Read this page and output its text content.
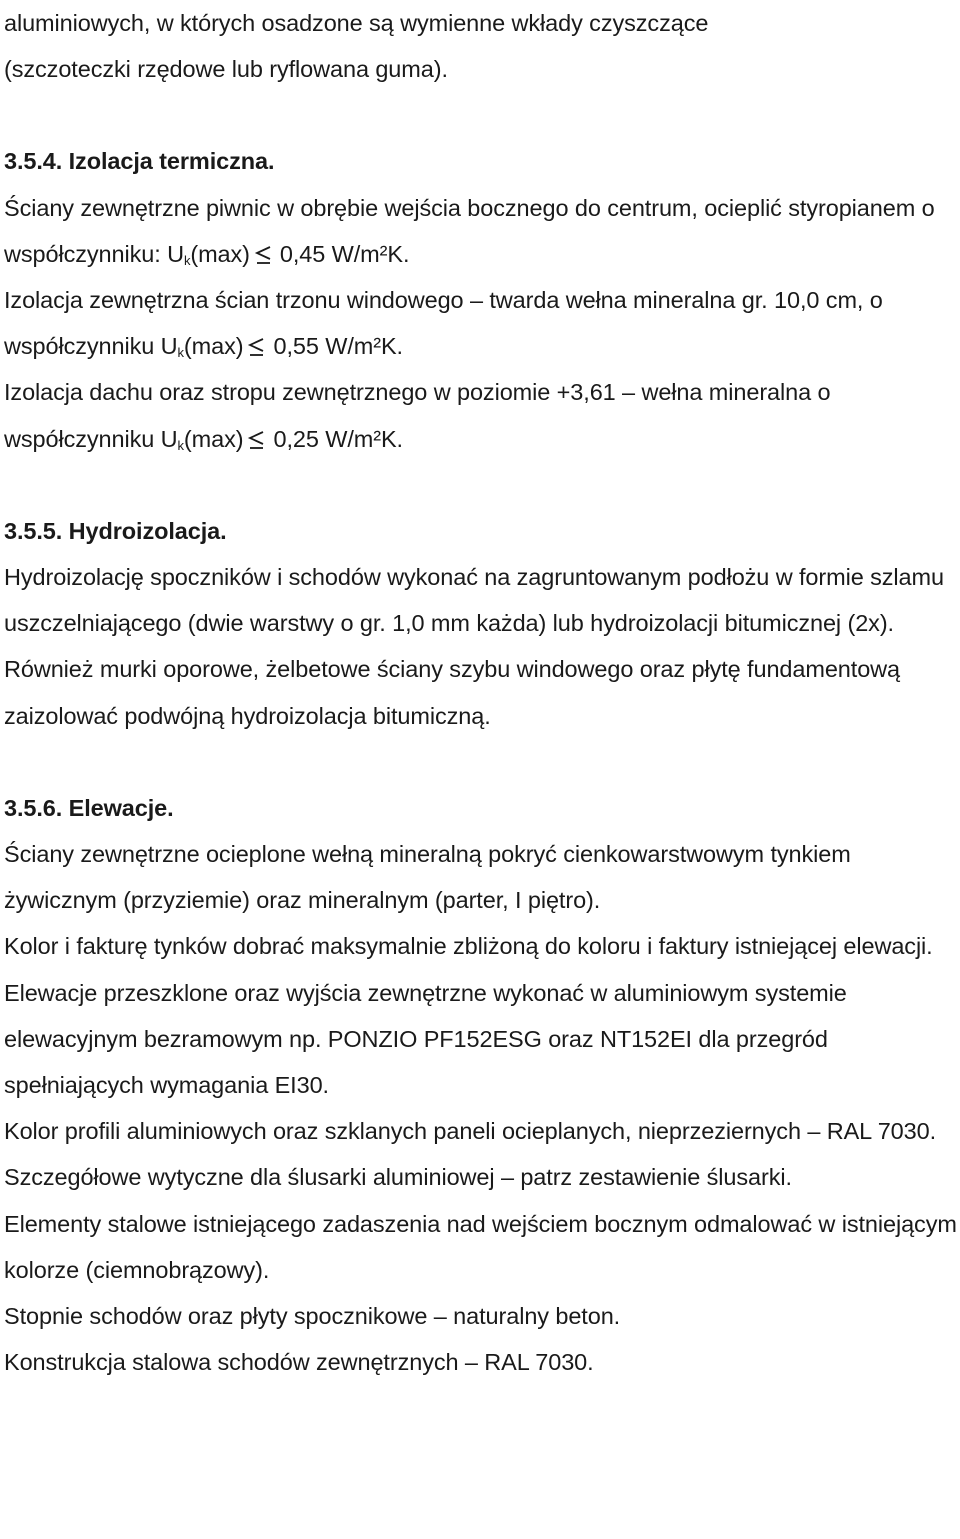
aluminiowych, w których osadzone są wymienne wkłady czyszczące
(szczoteczki rzędowe lub ryflowana guma).

3.5.4. Izolacja termiczna.

Ściany zewnętrzne piwnic w obrębie wejścia bocznego do centrum, ocieplić styropianem o współczynniku: $U_k(\max)$ 0,45 W/m²K.

Izolacja zewnętrzna ścian trzonu windowego – twarda wełna mineralna gr. 10,0 cm, o współczynniku $U_k(\max)$ 0,55 W/m²K.

Izolacja dachu oraz stropu zewnętrznego w poziomie +3,61 – wełna mineralna o współczynniku $U_k(\max)$ 0,25 W/m²K.

3.5.5. Hydroizolacja.

Hydroizolację spoczników i schodów wykonać na zagruntowanym podłożu w formie szlamu uszczelniającego (dwie warstwy o gr. 1,0 mm każda) lub hydroizolacji bitumicznej (2x). Również murki oporowe, żelbetowe ściany szybu windowego oraz płytę fundamentową zaizolować podwójną hydroizolacja bitumiczną.

3.5.6. Elewacje.

Ściany zewnętrzne ocieplone wełną mineralną pokryć cienkowarstwowym tynkiem żywicznym (przyziemie) oraz mineralnym (parter, I piętro).

Kolor i fakturę tynków dobrać maksymalnie zbliżoną do koloru i faktury istniejącej elewacji.

Elewacje przeszklone oraz wyjścia zewnętrzne wykonać w aluminiowym systemie elewacyjnym bezramowym np. PONZIO PF152ESG oraz NT152EI dla przegród spełniających wymagania EI30.

Kolor profili aluminiowych oraz szklanych paneli ocieplanych, nieprzeziernych – RAL 7030.

Szczegółowe wytyczne dla ślusarki aluminiowej – patrz zestawienie ślusarki.

Elementy stalowe istniejącego zadaszenia nad wejściem bocznym odmalować w istniejącym kolorze (ciemnobrązowy).

Stopnie schodów oraz płyty spocznikowe – naturalny beton.

Konstrukcja stalowa schodów zewnętrznych – RAL 7030.
